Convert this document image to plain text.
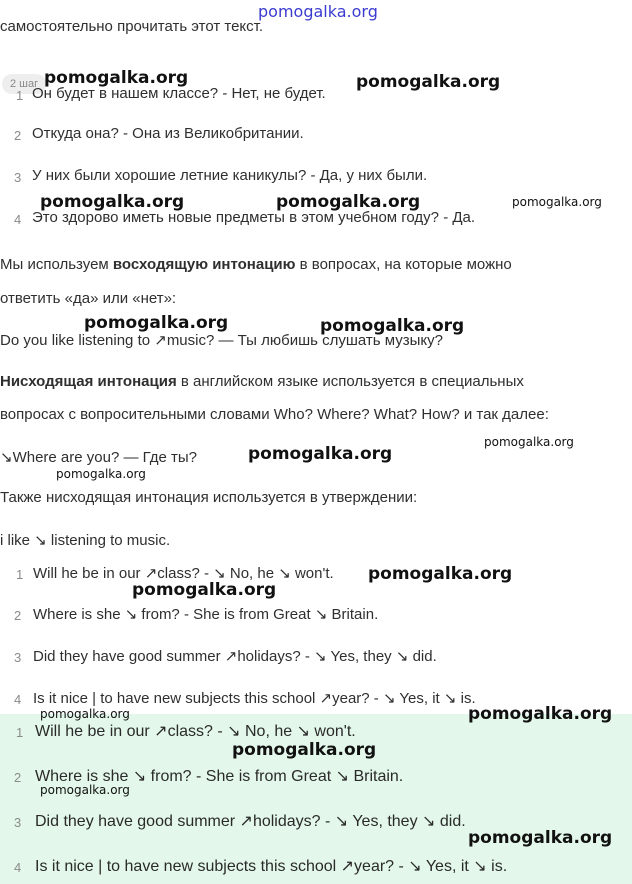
pomogalka.org
самостоятельно прочитать этот текст.
2 шаг
1 Он будет в нашем классе? - Нет, не будет.
2 Откуда она? - Она из Великобритании.
3 У них были хорошие летние каникулы? - Да, у них были.
4 Это здорово иметь новые предметы в этом учебном году? - Да.
Мы используем восходящую интонацию в вопросах, на которые можно
ответить «да» или «нет»:
Do you like listening to ↗music? — Ты любишь слушать музыку?
Нисходящая интонация в английском языке используется в специальных
вопросах с вопросительными словами Who? Where? What? How? и так далее:
↘Where are you? — Где ты?
Также нисходящая интонация используется в утверждении:
i like ↘ listening to music.
1 Will he be in our ↗class? - ↘ No, he ↘ won't.
2 Where is she ↘ from? - She is from Great ↘ Britain.
3 Did they have good summer ↗holidays? - ↘ Yes, they ↘ did.
4 Is it nice | to have new subjects this school ↗year? - ↘ Yes, it ↘ is.
1 Will he be in our ↗class? - ↘ No, he ↘ won't.
2 Where is she ↘ from? - She is from Great ↘ Britain.
3 Did they have good summer ↗holidays? - ↘ Yes, they ↘ did.
4 Is it nice | to have new subjects this school ↗year? - ↘ Yes, it ↘ is.
pomogalka.org	pomogalka.org
pomogalka.org	pomogalka.org	pomogalka.org
pomogalka.org	pomogalka.org
pomogalka.org
pomogalka.org
pomogalka.org
pomogalka.org
pomogalka.org
pomogalka.org	pomogalka.org
pomogalka.org
pomogalka.org
pomogalka.org
